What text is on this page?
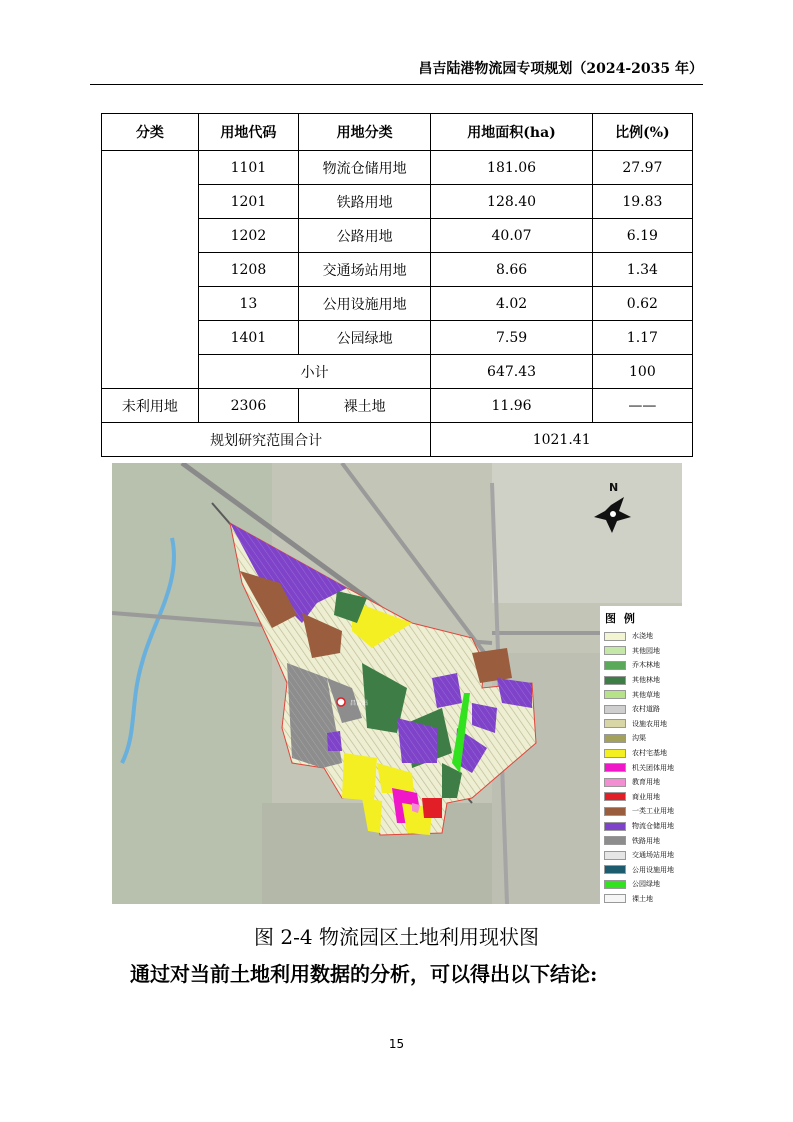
昌吉陆港物流园专项规划（2024-2035 年）
分类	用地代码	用地分类	用地面积(ha)	比例(%)
	1101	物流仓储用地	181.06	27.97
	1201	铁路用地	128.40	19.83
	1202	公路用地	40.07	6.19
	1208	交通场站用地	8.66	1.34
	13	公用设施用地	4.02	0.62
	1401	公园绿地	7.59	1.17
	小计		647.43	100
未利用地	2306	裸土地	11.96	——
规划研究范围合计			1021.41	
昌吉站
N
图 例
水浇地
其他园地
乔木林地
其他林地
其他草地
农村道路
设施农用地
沟渠
农村宅基地
机关团体用地
教育用地
商业用地
一类工业用地
物流仓储用地
铁路用地
交通场站用地
公用设施用地
公园绿地
裸土地
图 2-4 物流园区土地利用现状图
通过对当前土地利用数据的分析，可以得出以下结论:
15
